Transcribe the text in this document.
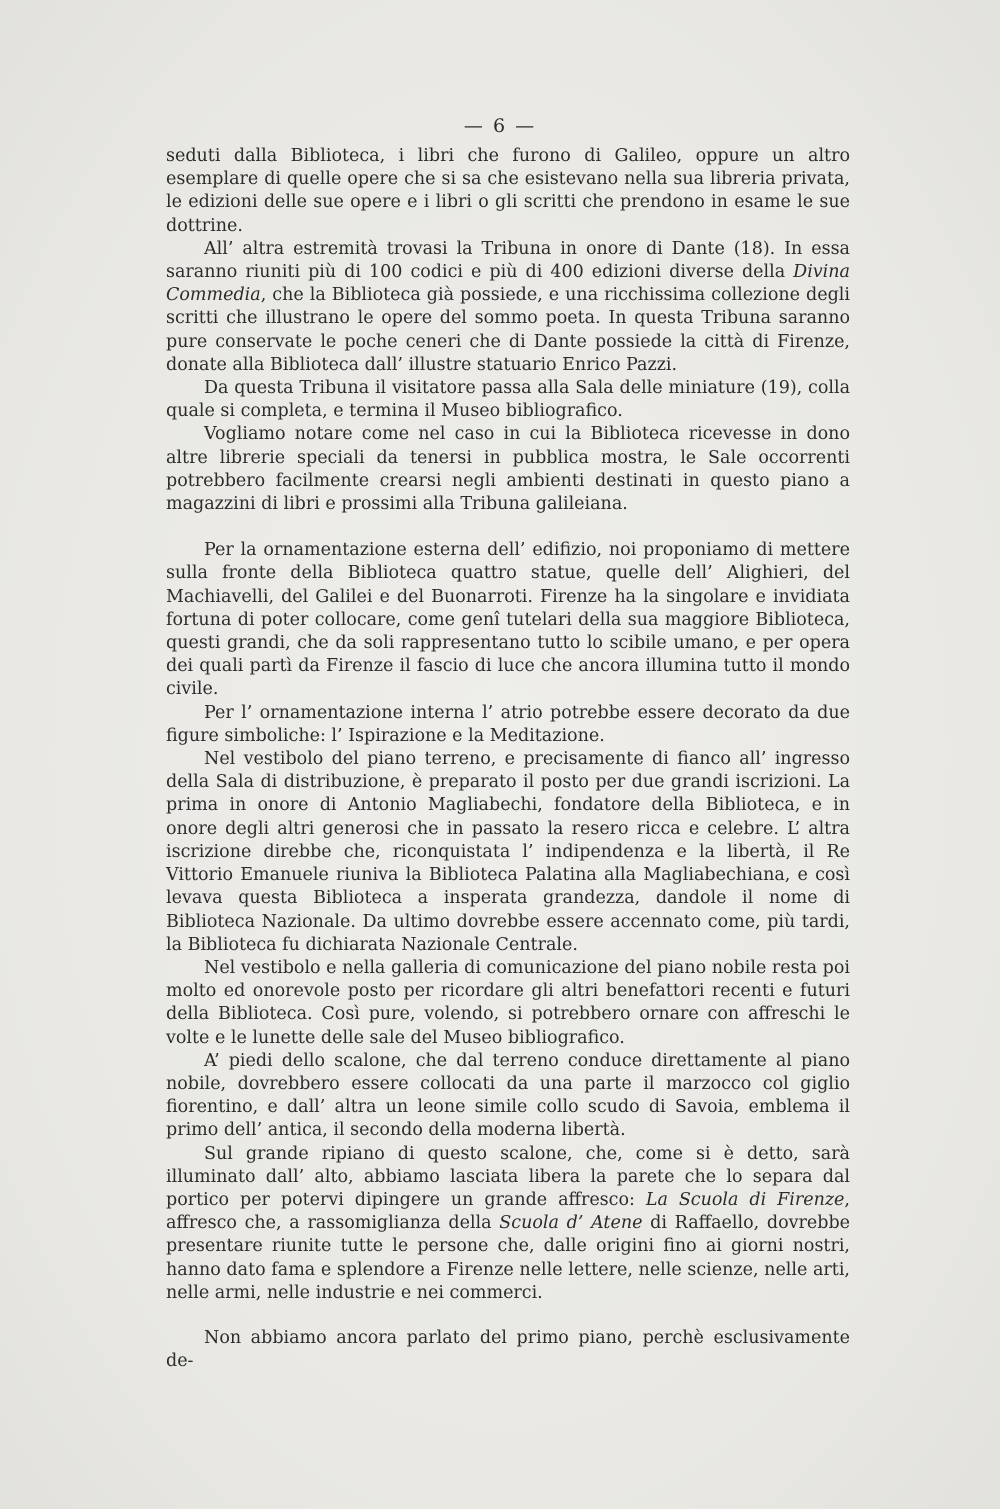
— 6 —

seduti dalla Biblioteca, i libri che furono di Galileo, oppure un altro esemplare di quelle opere che si sa che esistevano nella sua libreria privata, le edizioni delle sue opere e i libri o gli scritti che prendono in esame le sue dottrine.

All’ altra estremità trovasi la Tribuna in onore di Dante (18). In essa saranno riuniti più di 100 codici e più di 400 edizioni diverse della Divina Commedia, che la Biblioteca già possiede, e una ricchissima collezione degli scritti che illustrano le opere del sommo poeta. In questa Tribuna saranno pure conservate le poche ceneri che di Dante possiede la città di Firenze, donate alla Biblioteca dall’ illustre statuario Enrico Pazzi.

Da questa Tribuna il visitatore passa alla Sala delle miniature (19), colla quale si completa, e termina il Museo bibliografico.

Vogliamo notare come nel caso in cui la Biblioteca ricevesse in dono altre librerie speciali da tenersi in pubblica mostra, le Sale occorrenti potrebbero facilmente crearsi negli ambienti destinati in questo piano a magazzini di libri e prossimi alla Tribuna galileiana.

Per la ornamentazione esterna dell’ edifizio, noi proponiamo di mettere sulla fronte della Biblioteca quattro statue, quelle dell’ Alighieri, del Machiavelli, del Galilei e del Buonarroti. Firenze ha la singolare e invidiata fortuna di poter collocare, come genî tutelari della sua maggiore Biblioteca, questi grandi, che da soli rappresentano tutto lo scibile umano, e per opera dei quali partì da Firenze il fascio di luce che ancora illumina tutto il mondo civile.

Per l’ ornamentazione interna l’ atrio potrebbe essere decorato da due figure simboliche: l’ Ispirazione e la Meditazione.

Nel vestibolo del piano terreno, e precisamente di fianco all’ ingresso della Sala di distribuzione, è preparato il posto per due grandi iscrizioni. La prima in onore di Antonio Magliabechi, fondatore della Biblioteca, e in onore degli altri generosi che in passato la resero ricca e celebre. L’ altra iscrizione direbbe che, riconquistata l’ indipendenza e la libertà, il Re Vittorio Emanuele riuniva la Biblioteca Palatina alla Magliabechiana, e così levava questa Biblioteca a insperata grandezza, dandole il nome di Biblioteca Nazionale. Da ultimo dovrebbe essere accennato come, più tardi, la Biblioteca fu dichiarata Nazionale Centrale.

Nel vestibolo e nella galleria di comunicazione del piano nobile resta poi molto ed onorevole posto per ricordare gli altri benefattori recenti e futuri della Biblioteca. Così pure, volendo, si potrebbero ornare con affreschi le volte e le lunette delle sale del Museo bibliografico.

A’ piedi dello scalone, che dal terreno conduce direttamente al piano nobile, dovrebbero essere collocati da una parte il marzocco col giglio fiorentino, e dall’ altra un leone simile collo scudo di Savoia, emblema il primo dell’ antica, il secondo della moderna libertà.

Sul grande ripiano di questo scalone, che, come si è detto, sarà illuminato dall’ alto, abbiamo lasciata libera la parete che lo separa dal portico per potervi dipingere un grande affresco: La Scuola di Firenze, affresco che, a rassomiglianza della Scuola d’ Atene di Raffaello, dovrebbe presentare riunite tutte le persone che, dalle origini fino ai giorni nostri, hanno dato fama e splendore a Firenze nelle lettere, nelle scienze, nelle arti, nelle armi, nelle industrie e nei commerci.

Non abbiamo ancora parlato del primo piano, perchè esclusivamente de-
